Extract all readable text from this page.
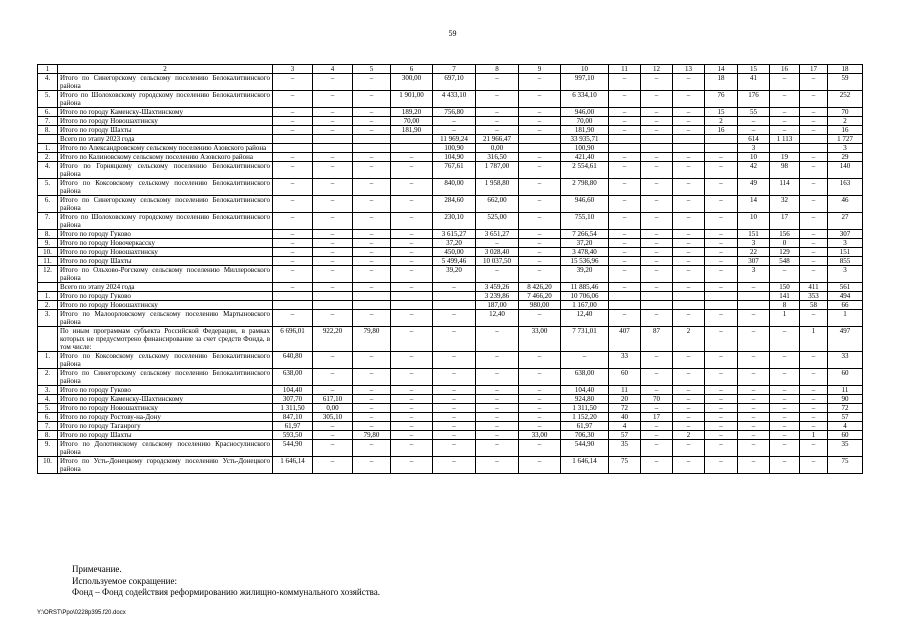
59
1	2	3	4	5	6	7	8	9	10	11	12	13	14	15	16	17	18
4.	Итого по Синегорскому сельскому поселению Белокалитвинского района	–	–	–	300,00	697,10	–	–	997,10	–	–	–	18	41	–	–	59
5.	Итого по Шолоховскому городскому поселению Белокалитвинского района	–	–	–	1 901,00	4 433,10	–	–	6 334,10	–	–	–	76	176	–	–	252
6.	Итого по городу Каменску-Шахтинскому	–	–	–	189,20	756,80	–	–	946,00	–	–	–	15	55	–	–	70
7.	Итого по городу Новошахтинску	–	–	–	70,00	–	–	–	70,00	–	–	–	2	–	–	–	2
8.	Итого по городу Шахты	–	–	–	181,90	–	–	–	181,90	–	–	–	16	–	–	–	16
	Всего по этапу 2023 года					11 969,24	21 966,47		33 935,71					614	1 113		1 727
1.	Итого по Александровскому сельскому поселению Азовского района					100,90	0,00		100,90					3			3
2.	Итого по Калиновскому сельскому поселению Азовского района	–	–	–	–	104,90	316,50	–	421,40	–	–	–	–	10	19	–	29
4.	Итого по Горняцкому сельскому поселению Белокалитвинского района	–	–	–	–	767,61	1 787,00	–	2 554,61	–	–	–	–	42	98	–	140
5.	Итого по Коксовскому сельскому поселению Белокалитвинского района	–	–	–	–	840,00	1 958,80	–	2 798,80	–	–	–	–	49	114	–	163
6.	Итого по Синегорскому сельскому поселению Белокалитвинского района	–	–	–	–	284,60	662,00	–	946,60	–	–	–	–	14	32	–	46
7.	Итого по Шолоховскому городскому поселению Белокалитвинского района	–	–	–	–	230,10	525,00	–	755,10	–	–	–	–	10	17	–	27
8.	Итого по городу Гуково	–	–	–	–	3 615,27	3 651,27	–	7 266,54	–	–	–	–	151	156	–	307
9.	Итого по городу Новочеркасску	–	–	–	–	37,20	–	–	37,20	–	–	–	–	3	0	–	3
10.	Итого по городу Новошахтинску	–	–	–	–	450,00	3 028,40	–	3 478,40	–	–	–	–	22	129	–	151
11.	Итого по городу Шахты	–	–	–	–	5 499,46	10 037,50	–	15 536,96	–	–	–	–	307	548	–	855
12.	Итого по Ольхово-Рогскому сельскому поселению Миллеровского района	–	–	–	–	39,20	–	–	39,20	–	–	–	–	3	–	–	3
	Всего по этапу 2024 года	–	–	–	–	–	3 459,26	8 426,20	11 885,46	–	–	–	–	–	150	411	561
1.	Итого по городу Гуково						3 239,86	7 466,20	10 706,06						141	353	494
2.	Итого по городу Новошахтинску						187,00	980,00	1 167,00						8	58	66
3.	Итого по Малоорловскому сельскому поселению Мартыновского района	–	–	–	–	–	12,40	–	12,40	–	–	–	–	–	1	–	1
	По иным программам субъекта Российской Федерации, в рамках которых не предусмотрено финансирование за счет средств Фонда, в том числе:	6 696,01	922,20	79,80	–	–	–	33,00	7 731,01	407	87	2	–	–	–	1	497
1.	Итого по Коксовскому сельскому поселению Белокалитвинского района	640,80	–	–	–	–	–	–	–	33	–	–	–	–	–	–	33
2.	Итого по Синегорскому сельскому поселению Белокалитвинского района	638,00	–	–	–	–	–	–	638,00	60	–	–	–	–	–	–	60
3.	Итого по городу Гуково	104,40	–	–	–	–	–	–	104,40	11	–	–	–	–	–	–	11
4.	Итого по городу Каменску-Шахтинскому	307,70	617,10	–	–	–	–	–	924,80	20	70	–	–	–	–	–	90
5.	Итого по городу Новошахтинску	1 311,50	0,00	–	–	–	–	–	1 311,50	72	–	–	–	–	–	–	72
6.	Итого по городу Ростову-на-Дону	847,10	305,10	–	–	–	–	–	1 152,20	40	17	–	–	–	–	–	57
7.	Итого по городу Таганрогу	61,97	–	–	–	–	–	–	61,97	4	–	–	–	–	–	–	4
8.	Итого по городу Шахты	593,50	–	79,80	–	–	–	33,00	706,30	57	–	2	–	–	–	1	60
9.	Итого по Долотинскому сельскому поселению Красносулинского района	544,90	–	–	–	–	–	–	544,90	35	–	–	–	–	–	–	35
10.	Итого по Усть-Донецкому городскому поселению Усть-Донецкого района	1 646,14	–	–	–	–	–	–	1 646,14	75	–	–	–	–	–	–	75
Примечание.
Используемое сокращение:
Фонд – Фонд содействия реформированию жилищно-коммунального хозяйства.
Y:\ORST\Ppo\0228p395.f20.docx
